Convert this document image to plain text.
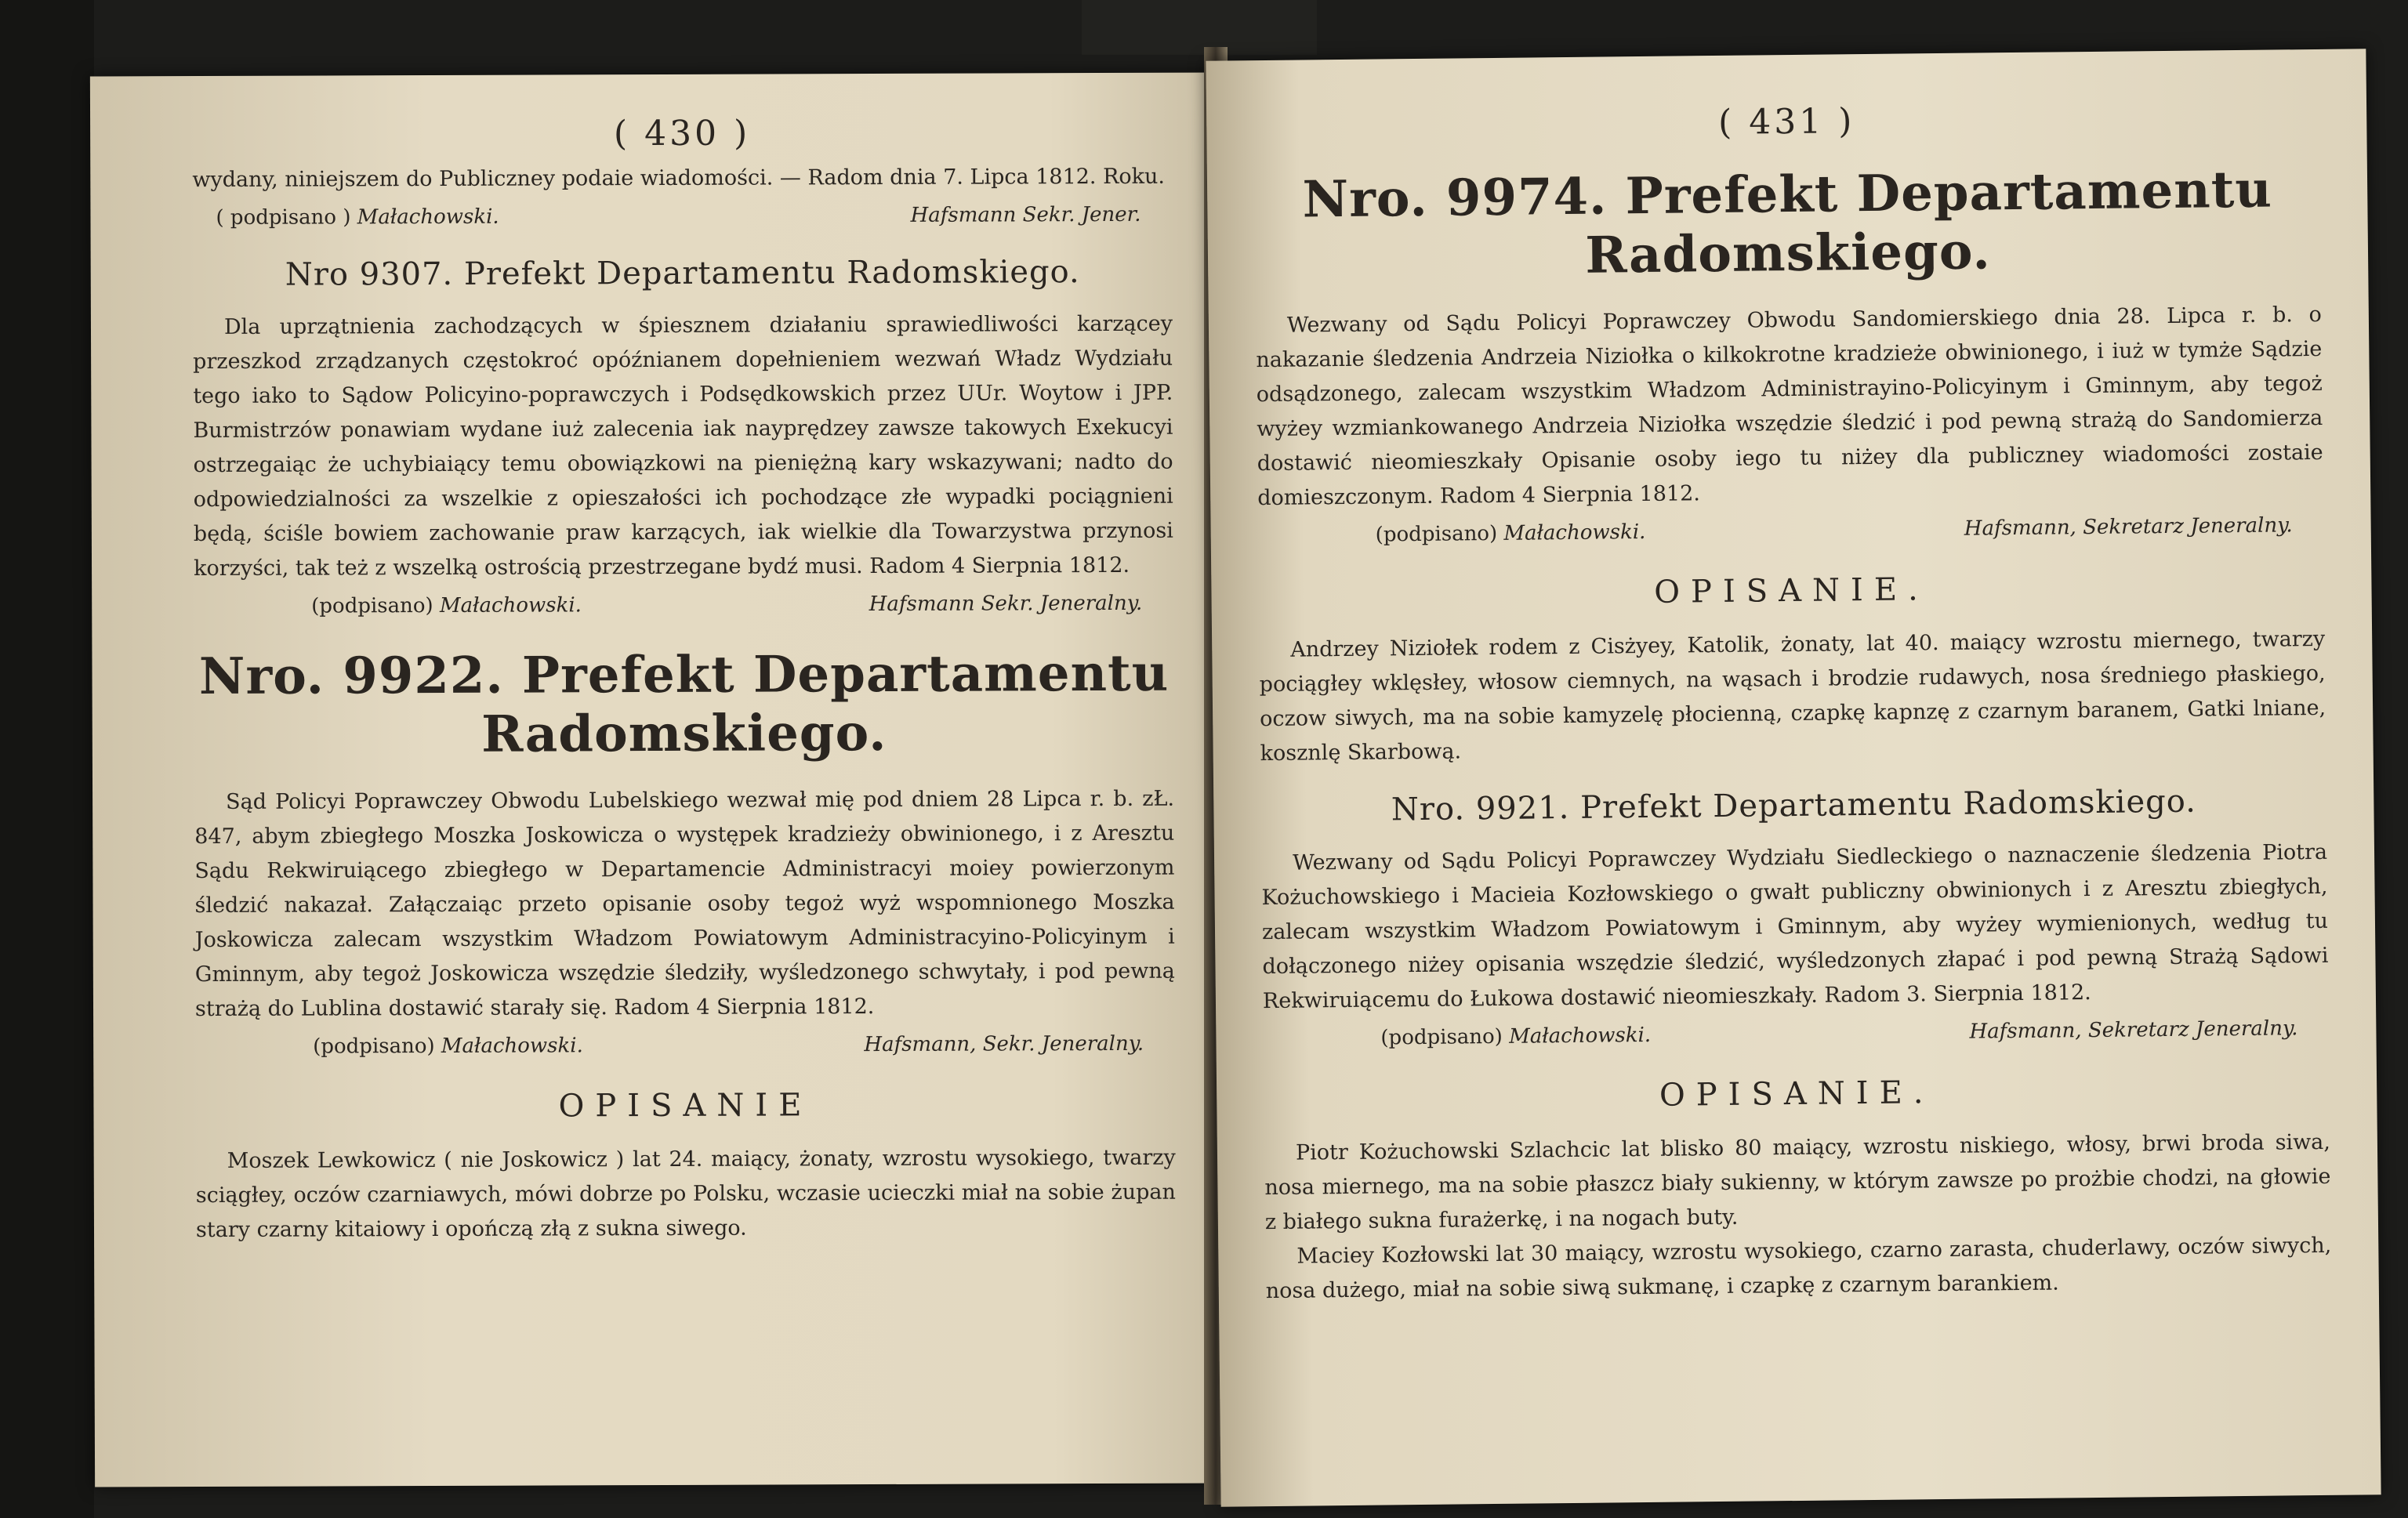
( 430 )

wydany, niniejszem do Publiczney podaie wiadomości. — Radom dnia 7. Lipca 1812. Roku.

( podpisano ) Małachowski.	Hafsmann Sekr. Jener.
Nro 9307. Prefekt Departamentu Radomskiego.

Dla uprzątnienia zachodzących w śpiesznem działaniu sprawiedliwości karzącey przeszkod zrządzanych częstokroć opóźnianem dopełnieniem wezwań Władz Wydziału tego iako to Sądow Policyino-poprawczych i Podsędkowskich przez UUr. Woytow i JPP. Burmistrzów ponawiam wydane iuż zalecenia iak nayprędzey zawsze takowych Exekucyi ostrzegaiąc że uchybiaiący temu obowiązkowi na pieniężną kary wskazywani; nadto do odpowiedzialności za wszelkie z opieszałości ich pochodzące złe wypadki pociągnieni będą, ściśle bowiem zachowanie praw karzących, iak wielkie dla Towarzystwa przynosi korzyści, tak też z wszelką ostrością przestrzegane bydź musi. Radom 4 Sierpnia 1812.

(podpisano) Małachowski.	Hafsmann Sekr. Jeneralny.
Nro. 9922. Prefekt Departamentu Radomskiego.

Sąd Policyi Poprawczey Obwodu Lubelskiego wezwał mię pod dniem 28 Lipca r. b. zŁ. 847, abym zbiegłego Moszka Joskowicza o występek kradzieży obwinionego, i z Aresztu Sądu Rekwiruiącego zbiegłego w Departamencie Administracyi moiey powierzonym śledzić nakazał. Załączaiąc przeto opisanie osoby tegoż wyż wspomnionego Moszka Joskowicza zalecam wszystkim Władzom Powiatowym Administracyino-Policyinym i Gminnym, aby tegoż Joskowicza wszędzie śledziły, wyśledzonego schwytały, i pod pewną strażą do Lublina dostawić starały się. Radom 4 Sierpnia 1812.

(podpisano) Małachowski.	Hafsmann, Sekr. Jeneralny.
OPISANIE

Moszek Lewkowicz ( nie Joskowicz ) lat 24. maiący, żonaty, wzrostu wysokiego, twarzy sciągłey, oczów czarniawych, mówi dobrze po Polsku, wczasie ucieczki miał na sobie żupan stary czarny kitaiowy i opończą złą z sukna siwego.

( 431 )
Nro. 9974. Prefekt Departamentu Radomskiego.

Wezwany od Sądu Policyi Poprawczey Obwodu Sandomierskiego dnia 28. Lipca r. b. o nakazanie śledzenia Andrzeia Niziołka o kilkokrotne kradzieże obwinionego, i iuż w tymże Sądzie odsądzonego, zalecam wszystkim Władzom Administrayino-Policyinym i Gminnym, aby tegoż wyżey wzmiankowanego Andrzeia Niziołka wszędzie śledzić i pod pewną strażą do Sandomierza dostawić nieomieszkały Opisanie osoby iego tu niżey dla publiczney wiadomości zostaie domieszczonym. Radom 4 Sierpnia 1812.

(podpisano) Małachowski.	Hafsmann, Sekretarz Jeneralny.
OPISANIE.

Andrzey Niziołek rodem z Cisżyey, Katolik, żonaty, lat 40. maiący wzrostu miernego, twarzy pociągłey wklęsłey, włosow ciemnych, na wąsach i brodzie rudawych, nosa średniego płaskiego, oczow siwych, ma na sobie kamyzelę płocienną, czapkę kapnzę z czarnym baranem, Gatki lniane, kosznlę Skarbową.

Nro. 9921. Prefekt Departamentu Radomskiego.

Wezwany od Sądu Policyi Poprawczey Wydziału Siedleckiego o naznaczenie śledzenia Piotra Kożuchowskiego i Macieia Kozłowskiego o gwałt publiczny obwinionych i z Aresztu zbiegłych, zalecam wszystkim Władzom Powiatowym i Gminnym, aby wyżey wymienionych, według tu dołączonego niżey opisania wszędzie śledzić, wyśledzonych złapać i pod pewną Strażą Sądowi Rekwiruiącemu do Łukowa dostawić nieomieszkały. Radom 3. Sierpnia 1812.

(podpisano) Małachowski.	Hafsmann, Sekretarz Jeneralny.
OPISANIE.

Piotr Kożuchowski Szlachcic lat blisko 80 maiący, wzrostu niskiego, włosy, brwi broda siwa, nosa miernego, ma na sobie płaszcz biały sukienny, w którym zawsze po prożbie chodzi, na głowie z białego sukna furażerkę, i na nogach buty.

Maciey Kozłowski lat 30 maiący, wzrostu wysokiego, czarno zarasta, chuderlawy, oczów siwych, nosa dużego, miał na sobie siwą sukmanę, i czapkę z czarnym barankiem.
